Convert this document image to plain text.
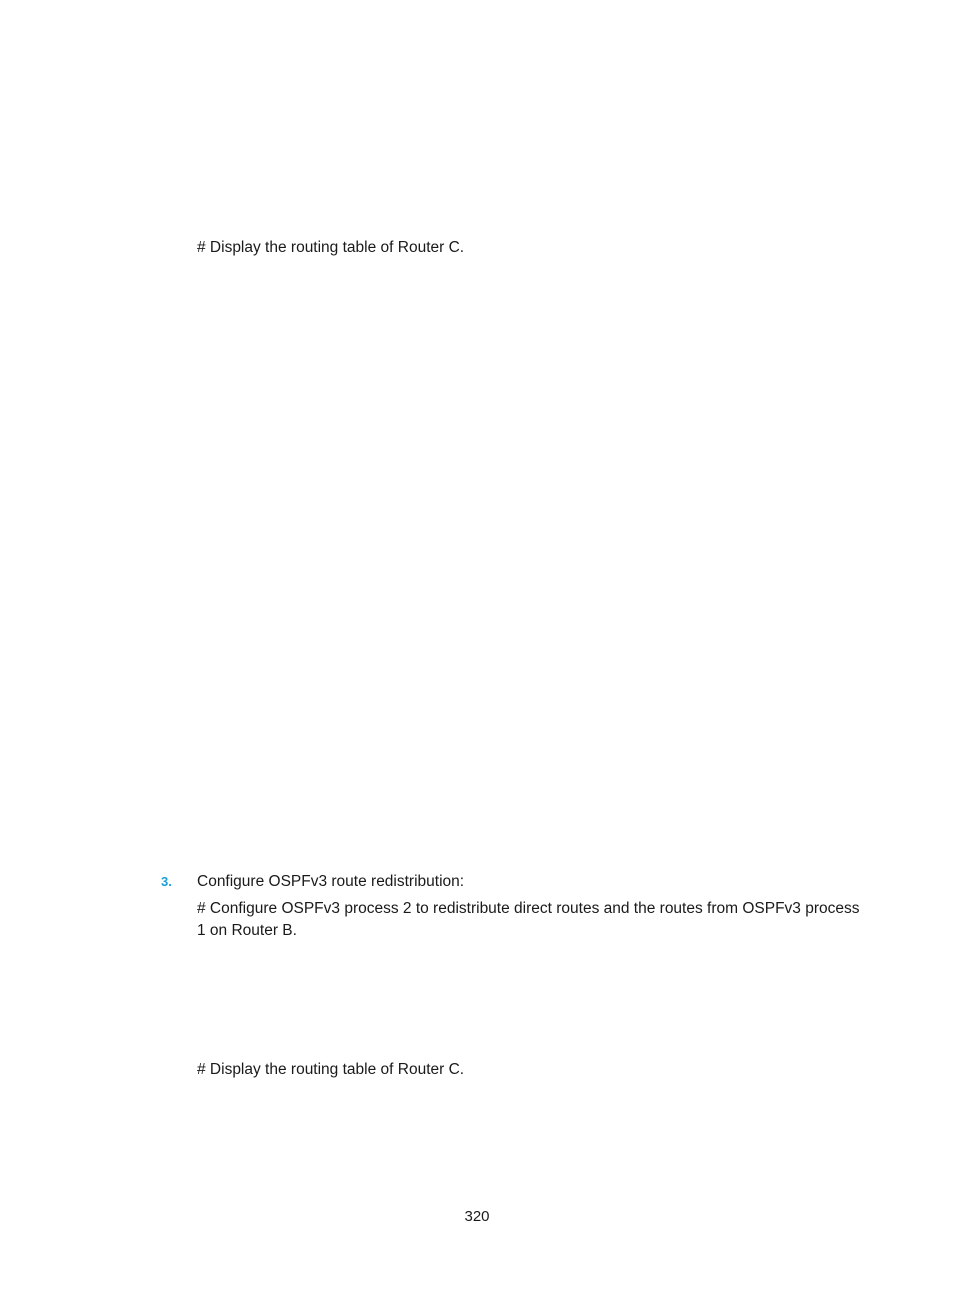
# Display the routing table of Router C.

3. Configure OSPFv3 route redistribution:

# Configure OSPFv3 process 2 to redistribute direct routes and the routes from OSPFv3 process 1 on Router B.

# Display the routing table of Router C.

320
